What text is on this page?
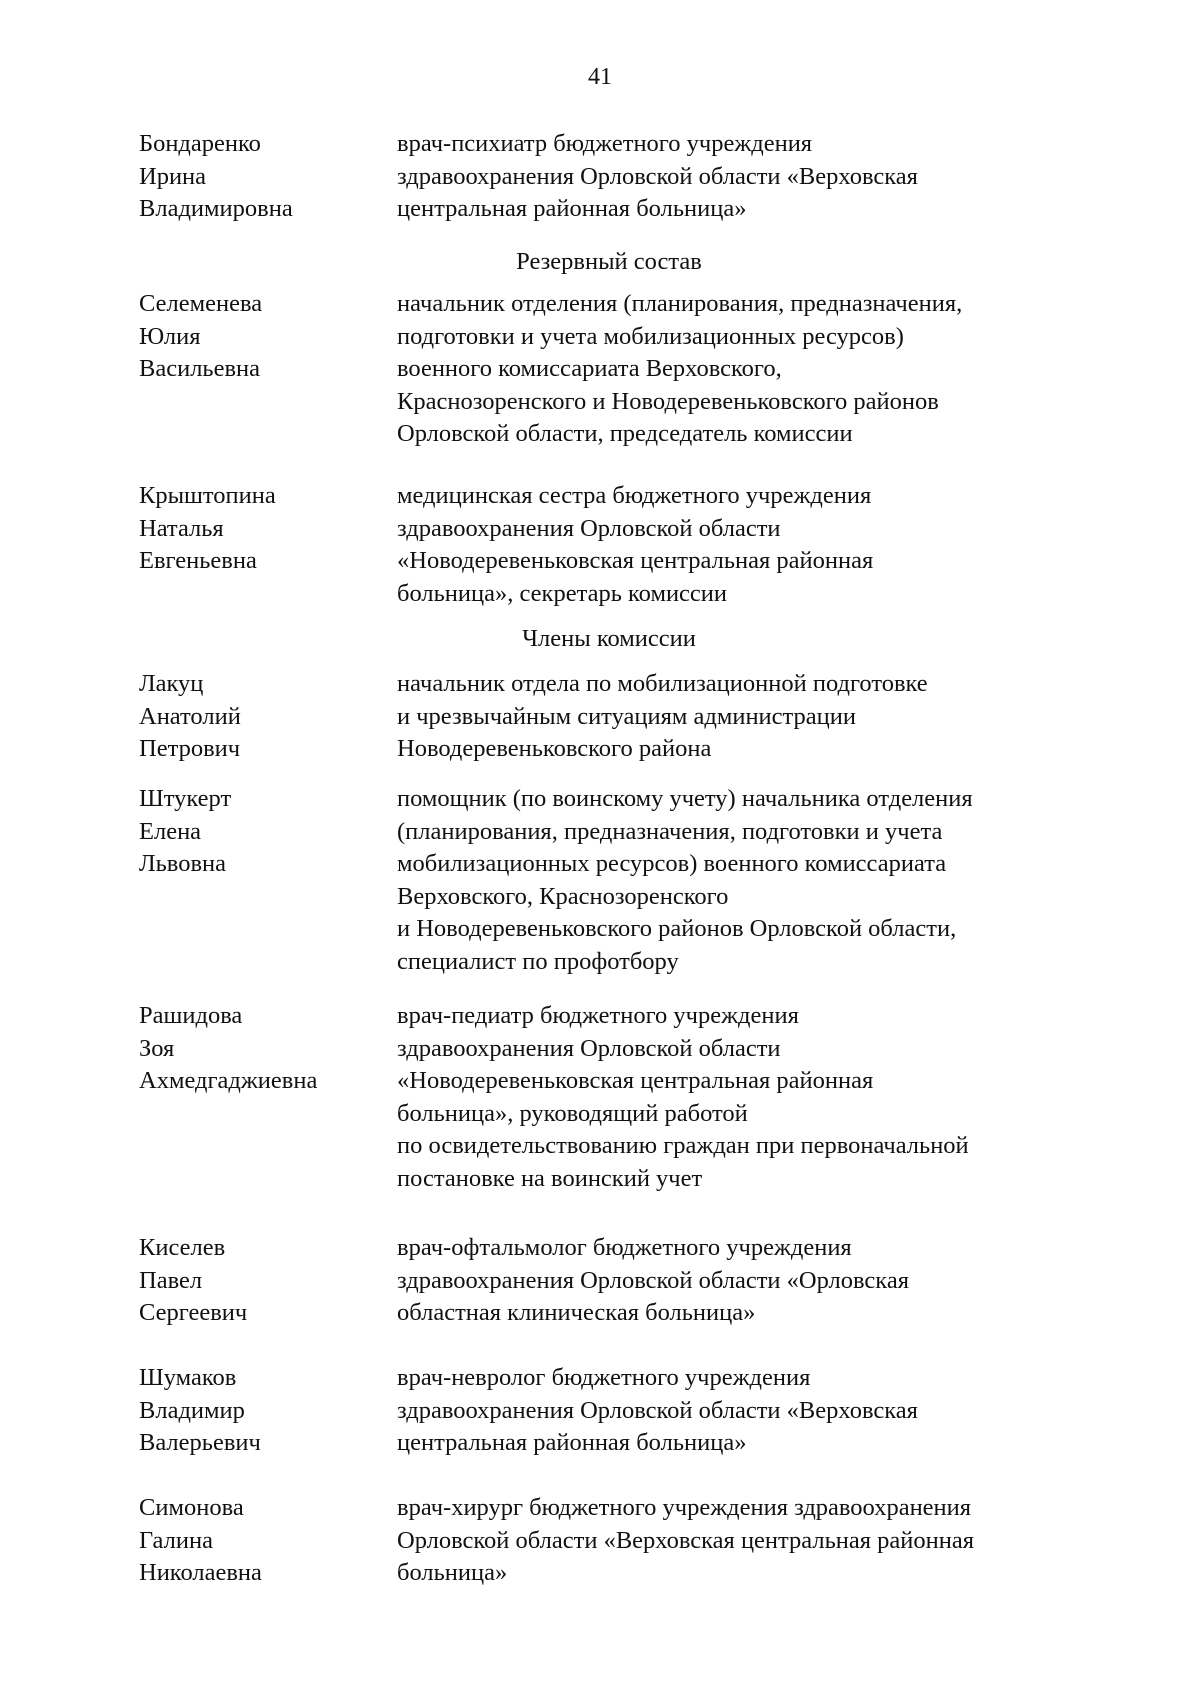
41
Бондаренко
Ирина
Владимировна
врач-психиатр бюджетного учреждения
здравоохранения Орловской области «Верховская
центральная районная больница»
Резервный состав
Селеменева
Юлия
Васильевна
начальник отделения (планирования, предназначения,
подготовки и учета мобилизационных ресурсов)
военного комиссариата Верховского,
Краснозоренского и Новодеревеньковского районов
Орловской области, председатель комиссии
Крыштопина
Наталья
Евгеньевна
медицинская сестра бюджетного учреждения
здравоохранения Орловской области
«Новодеревеньковская центральная районная
больница», секретарь комиссии
Члены комиссии
Лакуц
Анатолий
Петрович
начальник отдела по мобилизационной подготовке
и чрезвычайным ситуациям администрации
Новодеревеньковского района
Штукерт
Елена
Львовна
помощник (по воинскому учету) начальника отделения
(планирования, предназначения, подготовки и учета
мобилизационных ресурсов) военного комиссариата
Верховского, Краснозоренского
и Новодеревеньковского районов Орловской области,
специалист по профотбору
Рашидова
Зоя
Ахмедгаджиевна
врач-педиатр бюджетного учреждения
здравоохранения Орловской области
«Новодеревеньковская центральная районная
больница», руководящий работой
по освидетельствованию граждан при первоначальной
постановке на воинский учет
Киселев
Павел
Сергеевич
врач-офтальмолог бюджетного учреждения
здравоохранения Орловской области «Орловская
областная клиническая больница»
Шумаков
Владимир
Валерьевич
врач-невролог бюджетного учреждения
здравоохранения Орловской области «Верховская
центральная районная больница»
Симонова
Галина
Николаевна
врач-хирург бюджетного учреждения здравоохранения
Орловской области «Верховская центральная районная
больница»
